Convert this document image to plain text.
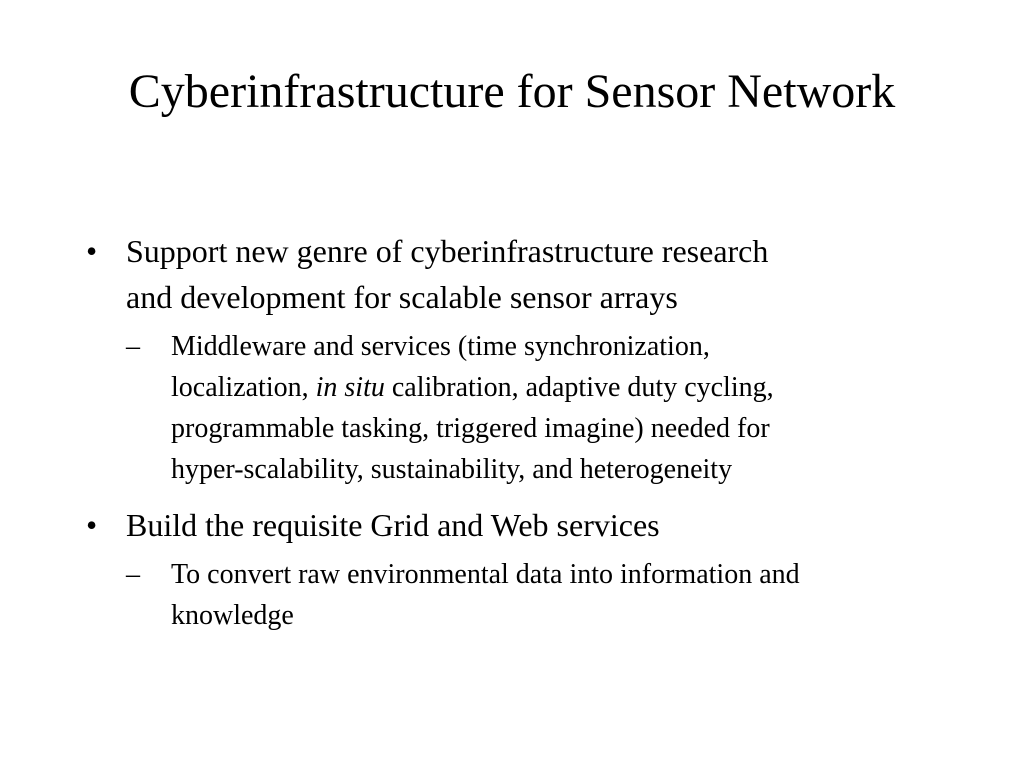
Cyberinfrastructure for Sensor Network
• Support new genre of cyberinfrastructure research
and development for scalable sensor arrays
– Middleware and services (time synchronization,
localization, in situ calibration, adaptive duty cycling,
programmable tasking, triggered imagine) needed for
hyper-scalability, sustainability, and heterogeneity
• Build the requisite Grid and Web services
– To convert raw environmental data into information and
knowledge
